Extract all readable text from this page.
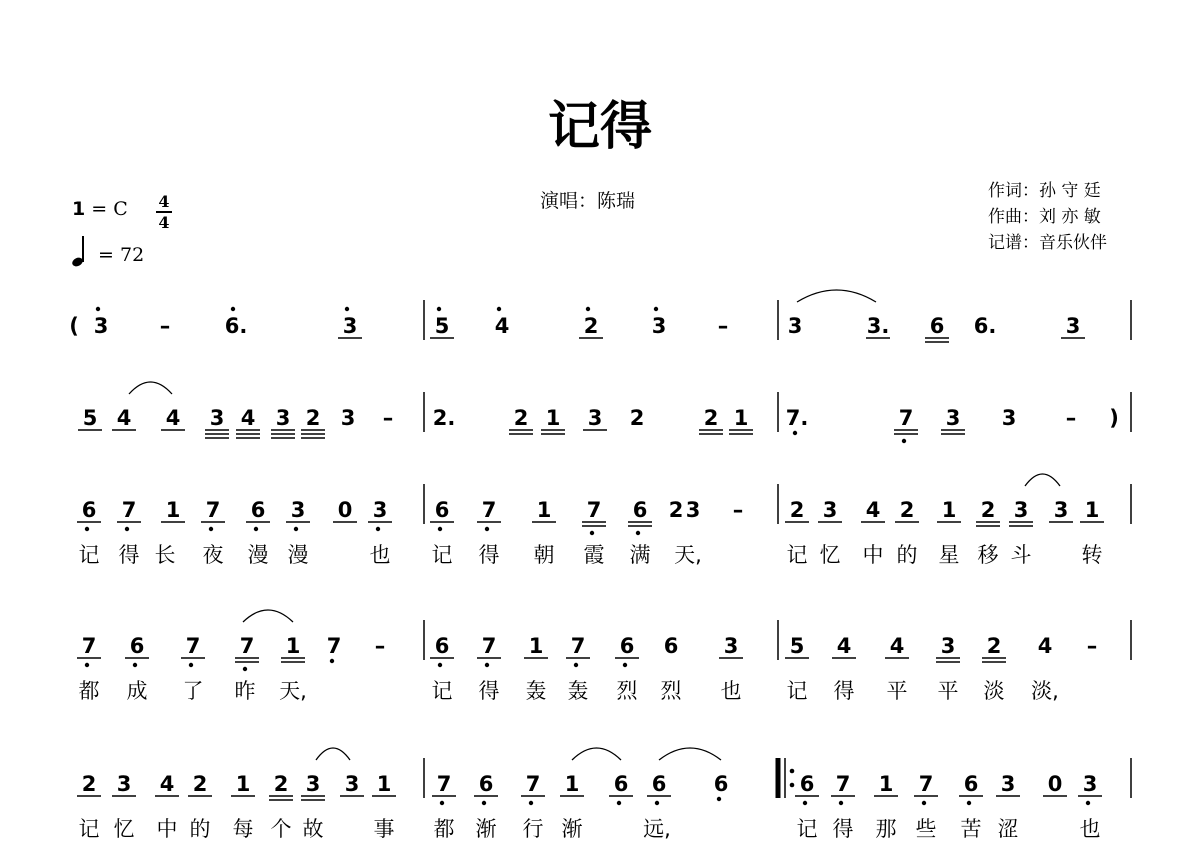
记得
演唱：陈瑞	作词：孙 守 廷
作曲：刘 亦 敏
记谱：音乐伙伴
1 = C 4
4
= 72
( 3 –	6.	3	5 4	2	3 –	3	3. 6 6.	3
5 4 4 3 4 3 2 3 – 2.	2 1 3 2	2 1 7.	7 3 3 – )
6 7 1 7 6 3 0 3 6 7 1 7 6 2 3 – 2 3 4 2 1 2 3 3 1
记 得 长 夜 漫 漫	也 记 得 朝 霞 满 天,	记 忆 中 的 星 移 斗 转
7 6 7 7 1 7 – 6 7 1 7 6 6 3 5 4 4 3 2 4 –
都 成 了 昨 天,	记 得 轰 轰 烈 烈 也 记 得 平 平 淡 淡,
2 3 4 2 1 2 3 3 1 7 6 7 1 6 6 6	6 7 1 7 6 3 0 3
记 忆 中 的 每 个 故 事 都 渐 行 渐	远,	记 得 那 些 苦 涩	也
